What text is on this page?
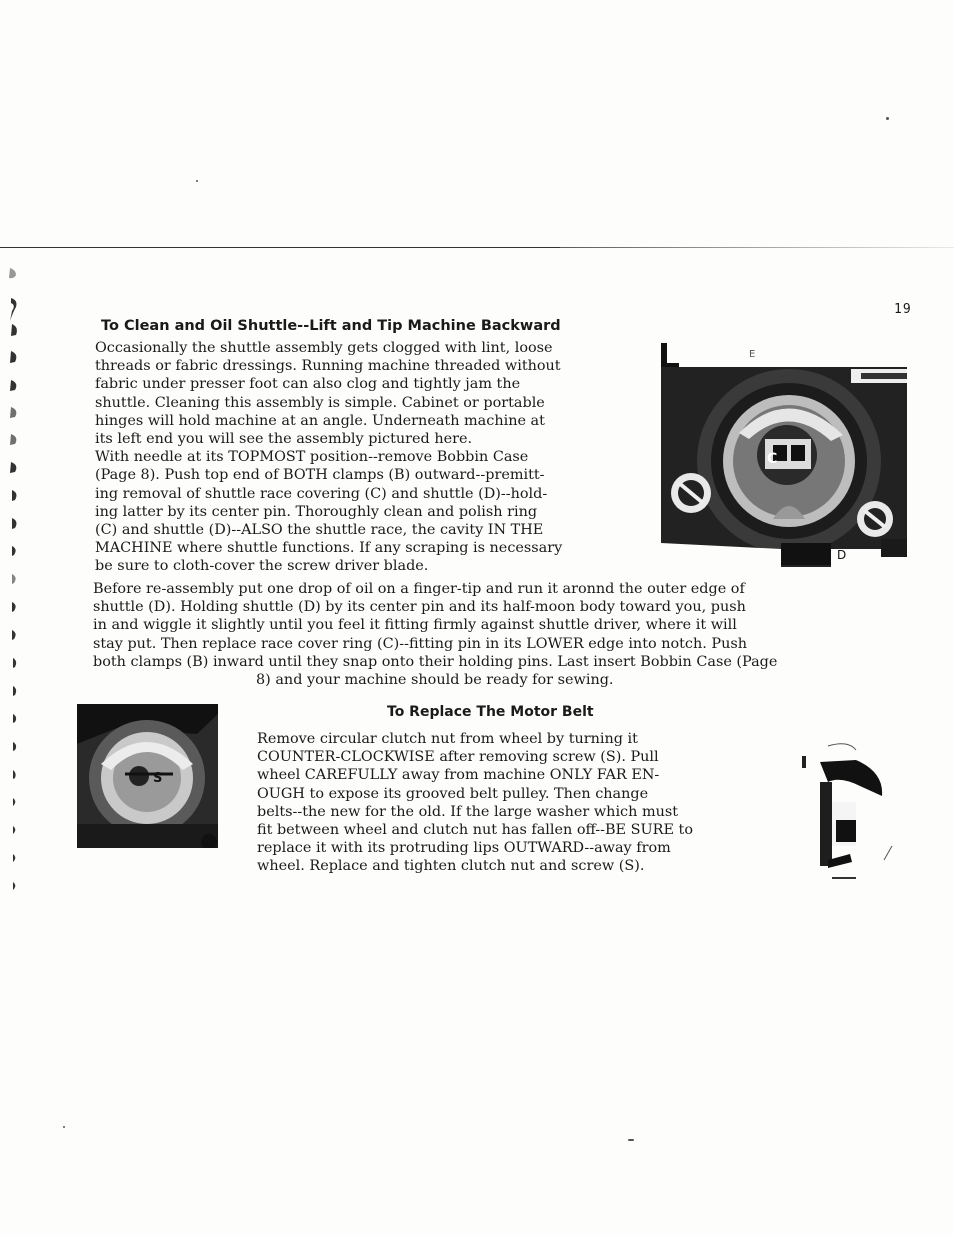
19
To Clean and Oil Shuttle--Lift and Tip Machine Backward
Occasionally the shuttle assembly gets clogged with lint, loose
threads or fabric dressings. Running machine threaded without
fabric under presser foot can also clog and tightly jam the
shuttle. Cleaning this assembly is simple. Cabinet or portable
hinges will hold machine at an angle. Underneath machine at
its left end you will see the assembly pictured here.
With needle at its TOPMOST position--remove Bobbin Case
(Page 8). Push top end of BOTH clamps (B) outward--premitt-
ing removal of shuttle race covering (C) and shuttle (D)--hold-
ing latter by its center pin. Thoroughly clean and polish ring
(C) and shuttle (D)--ALSO the shuttle race, the cavity IN THE
MACHINE where shuttle functions. If any scraping is necessary
be sure to cloth-cover the screw driver blade.
E
C
D
Before re-assembly put one drop of oil on a finger-tip and run it aronnd the outer edge of
shuttle (D). Holding shuttle (D) by its center pin and its half-moon body toward you, push
in and wiggle it slightly until you feel it fitting firmly against shuttle driver, where it will
stay put. Then replace race cover ring (C)--fitting pin in its LOWER edge into notch. Push
both clamps (B) inward until they snap onto their holding pins. Last insert Bobbin Case (Page
8) and your machine should be ready for sewing.
To Replace The Motor Belt
S
Remove circular clutch nut from wheel by turning it
COUNTER-CLOCKWISE after removing screw (S). Pull
wheel CAREFULLY away from machine ONLY FAR EN-
OUGH to expose its grooved belt pulley. Then change
belts--the new for the old. If the large washer which must
fit between wheel and clutch nut has fallen off--BE SURE to
replace it with its protruding lips OUTWARD--away from
wheel. Replace and tighten clutch nut and screw (S).
